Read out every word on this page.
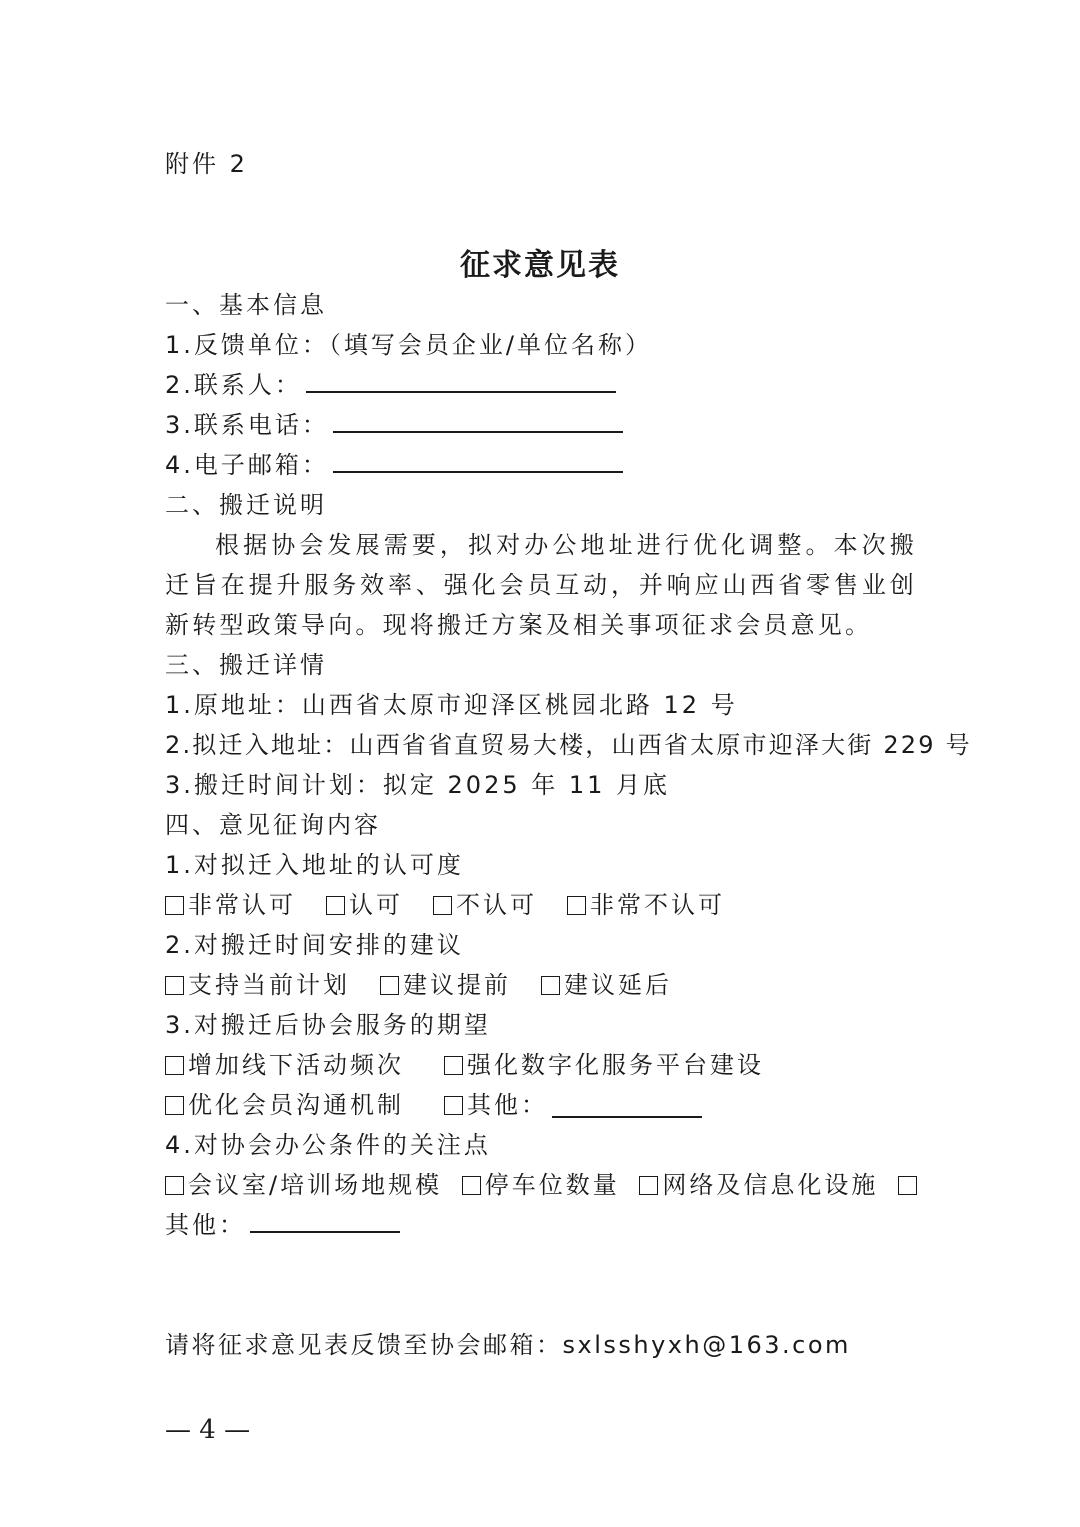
附件 2
征求意见表
一、基本信息
1.反馈单位：（填写会员企业/单位名称）
2.联系人：
3.联系电话：
4.电子邮箱：
二、搬迁说明
根据协会发展需要，拟对办公地址进行优化调整。本次搬迁旨在提升服务效率、强化会员互动，并响应山西省零售业创新转型政策导向。现将搬迁方案及相关事项征求会员意见。
三、搬迁详情
1.原地址：山西省太原市迎泽区桃园北路 12 号
2.拟迁入地址：山西省省直贸易大楼，山西省太原市迎泽大街 229 号
3.搬迁时间计划：拟定 2025 年 11 月底
四、意见征询内容
1.对拟迁入地址的认可度
非常认可 认可 不认可 非常不认可
2.对搬迁时间安排的建议
支持当前计划 建议提前 建议延后
3.对搬迁后协会服务的期望
增加线下活动频次	强化数字化服务平台建设
优化会员沟通机制	其他：
4.对协会办公条件的关注点
会议室/培训场地规模 停车位数量 网络及信息化设施
其他：
请将征求意见表反馈至协会邮箱：sxlsshyxh@163.com
— 4 —
